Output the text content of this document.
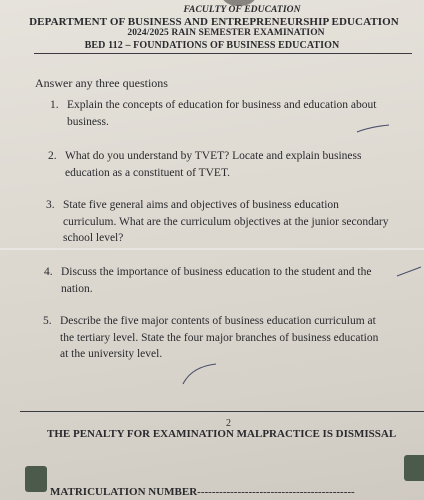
FACULTY OF EDUCATION
DEPARTMENT OF BUSINESS AND ENTREPRENEURSHIP EDUCATION
2024/2025 RAIN SEMESTER EXAMINATION
BED 112 – FOUNDATIONS OF BUSINESS EDUCATION
Answer any three questions
1. Explain the concepts of education for business and education about
business.
2. What do you understand by TVET? Locate and explain business
education as a constituent of TVET.
3. State five general aims and objectives of business education
curriculum. What are the curriculum objectives at the junior secondary
school level?
4. Discuss the importance of business education to the student and the
nation.
5. Describe the five major contents of business education curriculum at
the tertiary level. State the four major branches of business education
at the university level.
2
THE PENALTY FOR EXAMINATION MALPRACTICE IS DISMISSAL
MATRICULATION NUMBER-------------------------------------------
